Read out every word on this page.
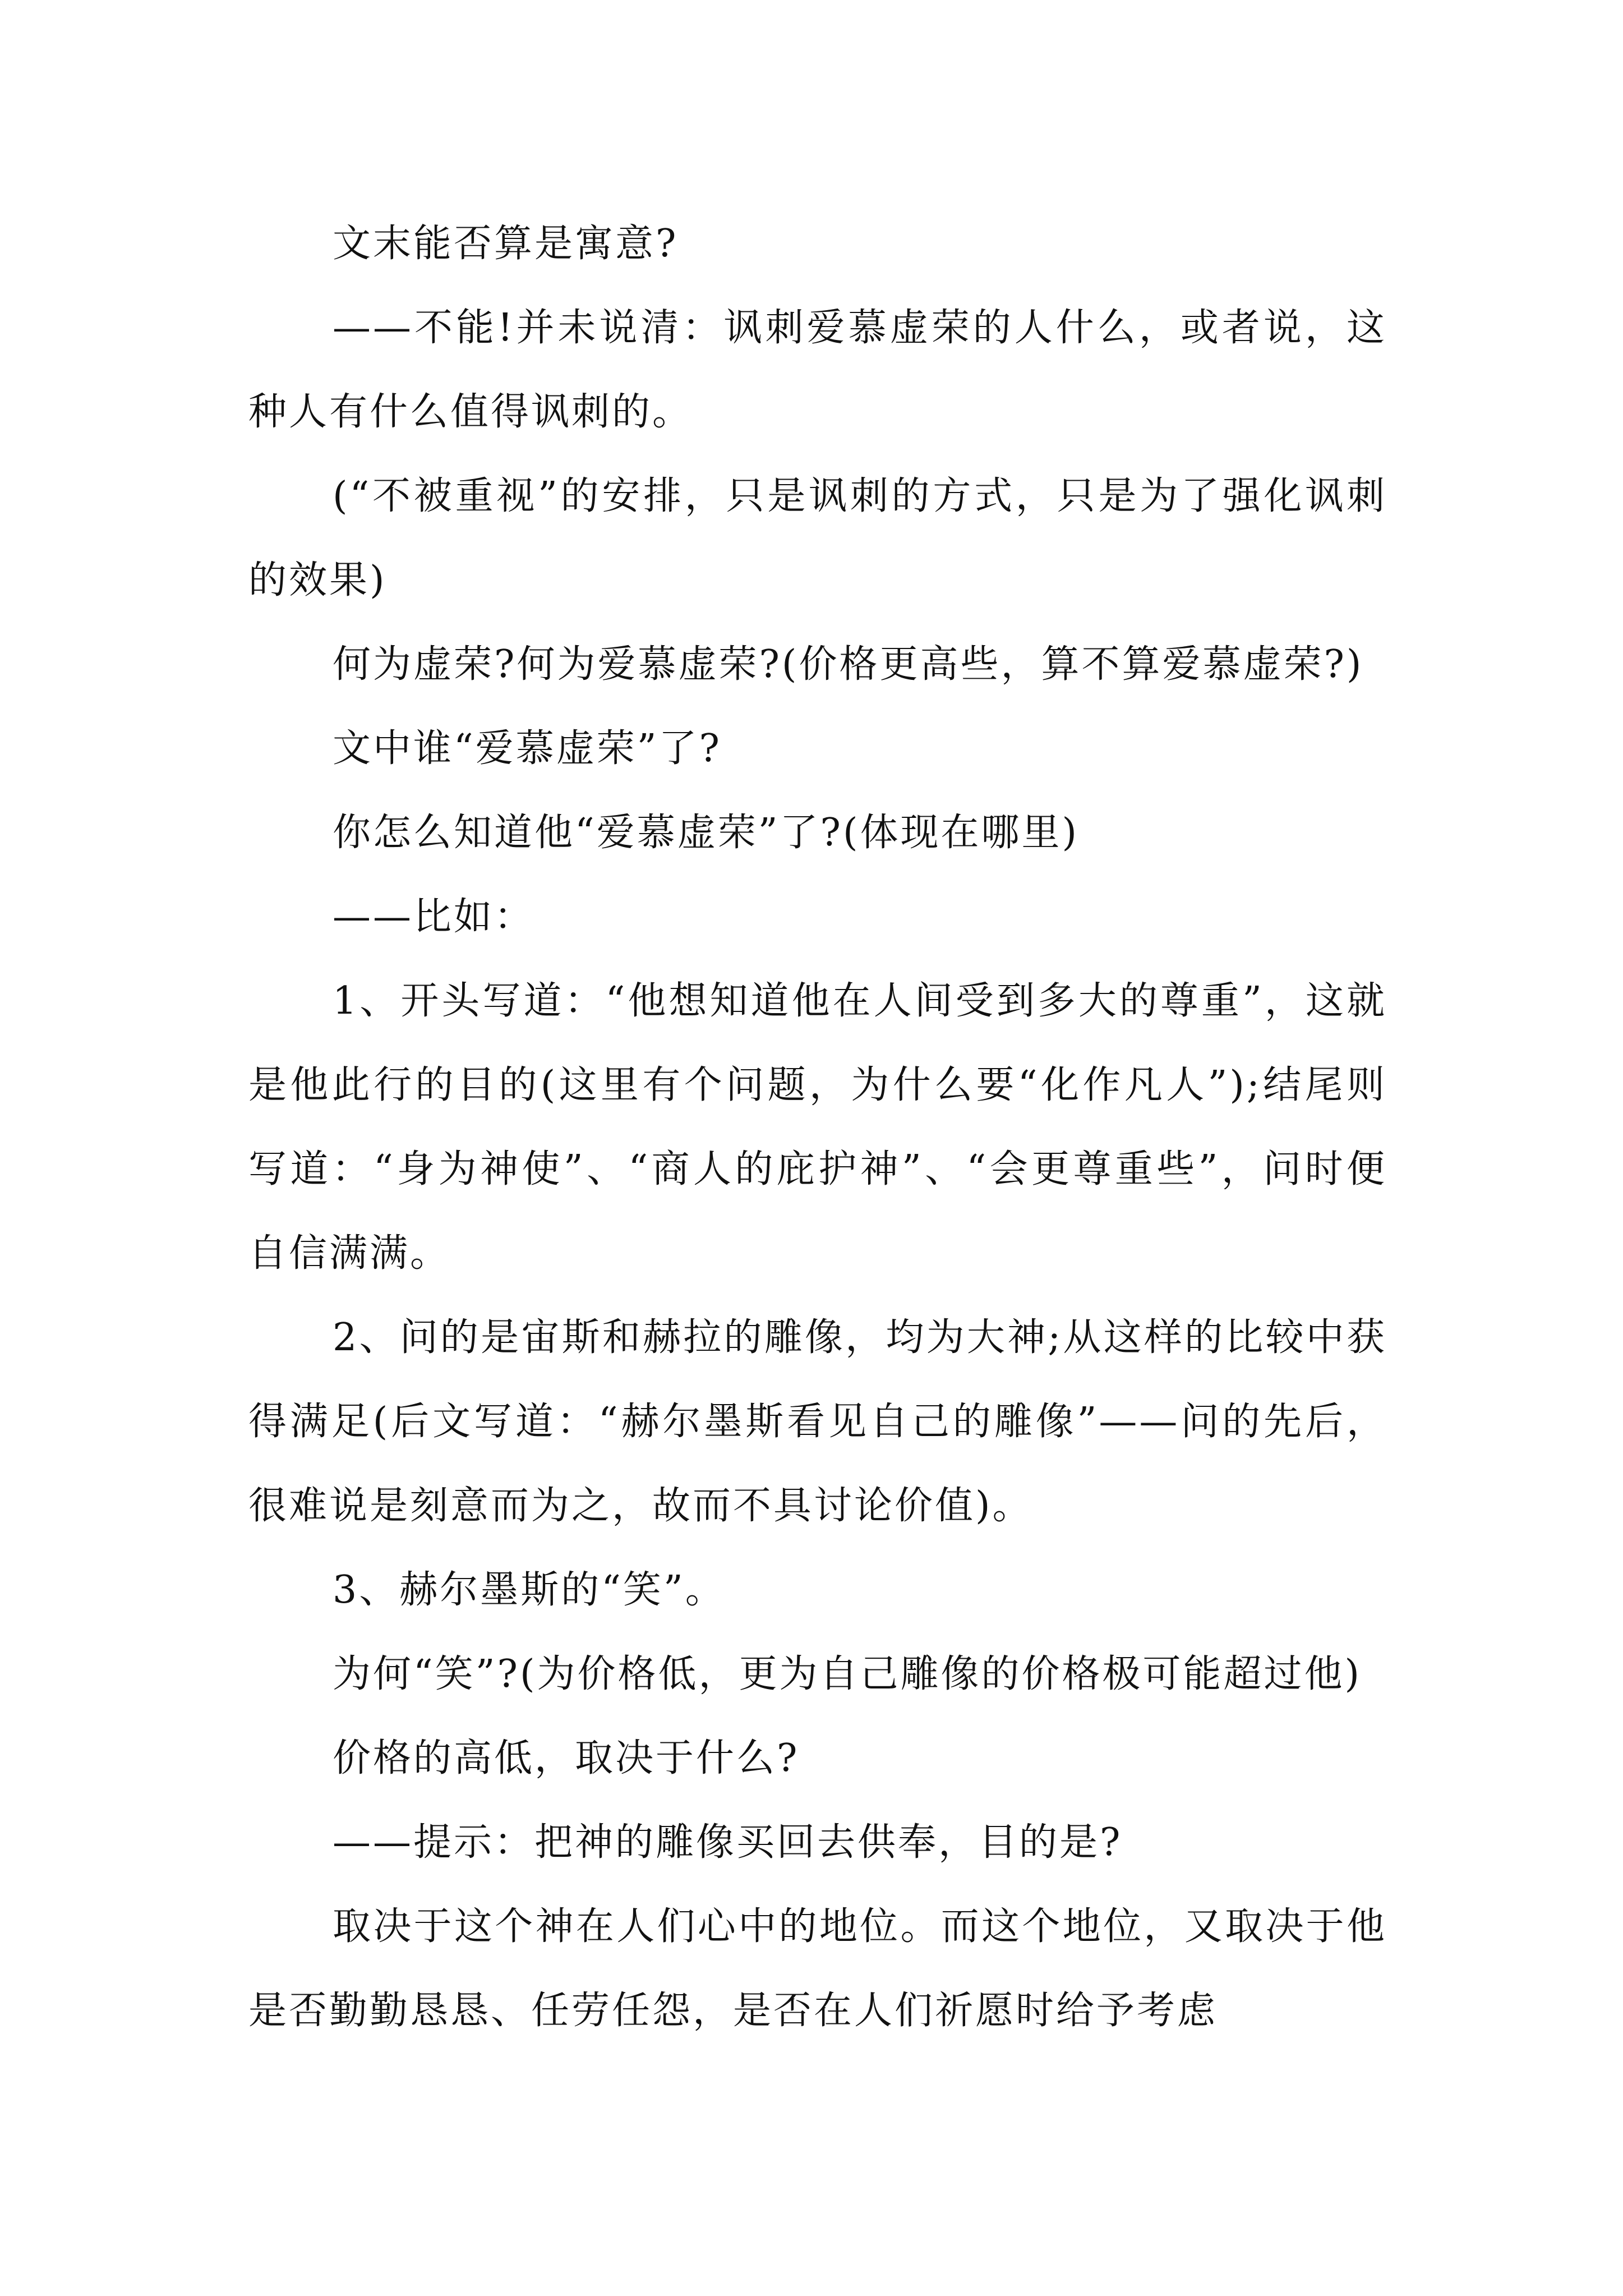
文末能否算是寓意?

——不能!并未说清：讽刺爱慕虚荣的人什么，或者说，这种人有什么值得讽刺的。

(“不被重视”的安排，只是讽刺的方式，只是为了强化讽刺的效果)

何为虚荣?何为爱慕虚荣?(价格更高些，算不算爱慕虚荣?)

文中谁“爱慕虚荣”了?

你怎么知道他“爱慕虚荣”了?(体现在哪里)

——比如：

1、开头写道：“他想知道他在人间受到多大的尊重”，这就是他此行的目的(这里有个问题，为什么要“化作凡人”);结尾则写道：“身为神使”、“商人的庇护神”、“会更尊重些”，问时便自信满满。

2、问的是宙斯和赫拉的雕像，均为大神;从这样的比较中获得满足(后文写道：“赫尔墨斯看见自己的雕像”——问的先后，很难说是刻意而为之，故而不具讨论价值)。

3、赫尔墨斯的“笑”。

为何“笑”?(为价格低，更为自己雕像的价格极可能超过他)

价格的高低，取决于什么?

——提示：把神的雕像买回去供奉，目的是?

取决于这个神在人们心中的地位。而这个地位，又取决于他是否勤勤恳恳、任劳任怨，是否在人们祈愿时给予考虑
